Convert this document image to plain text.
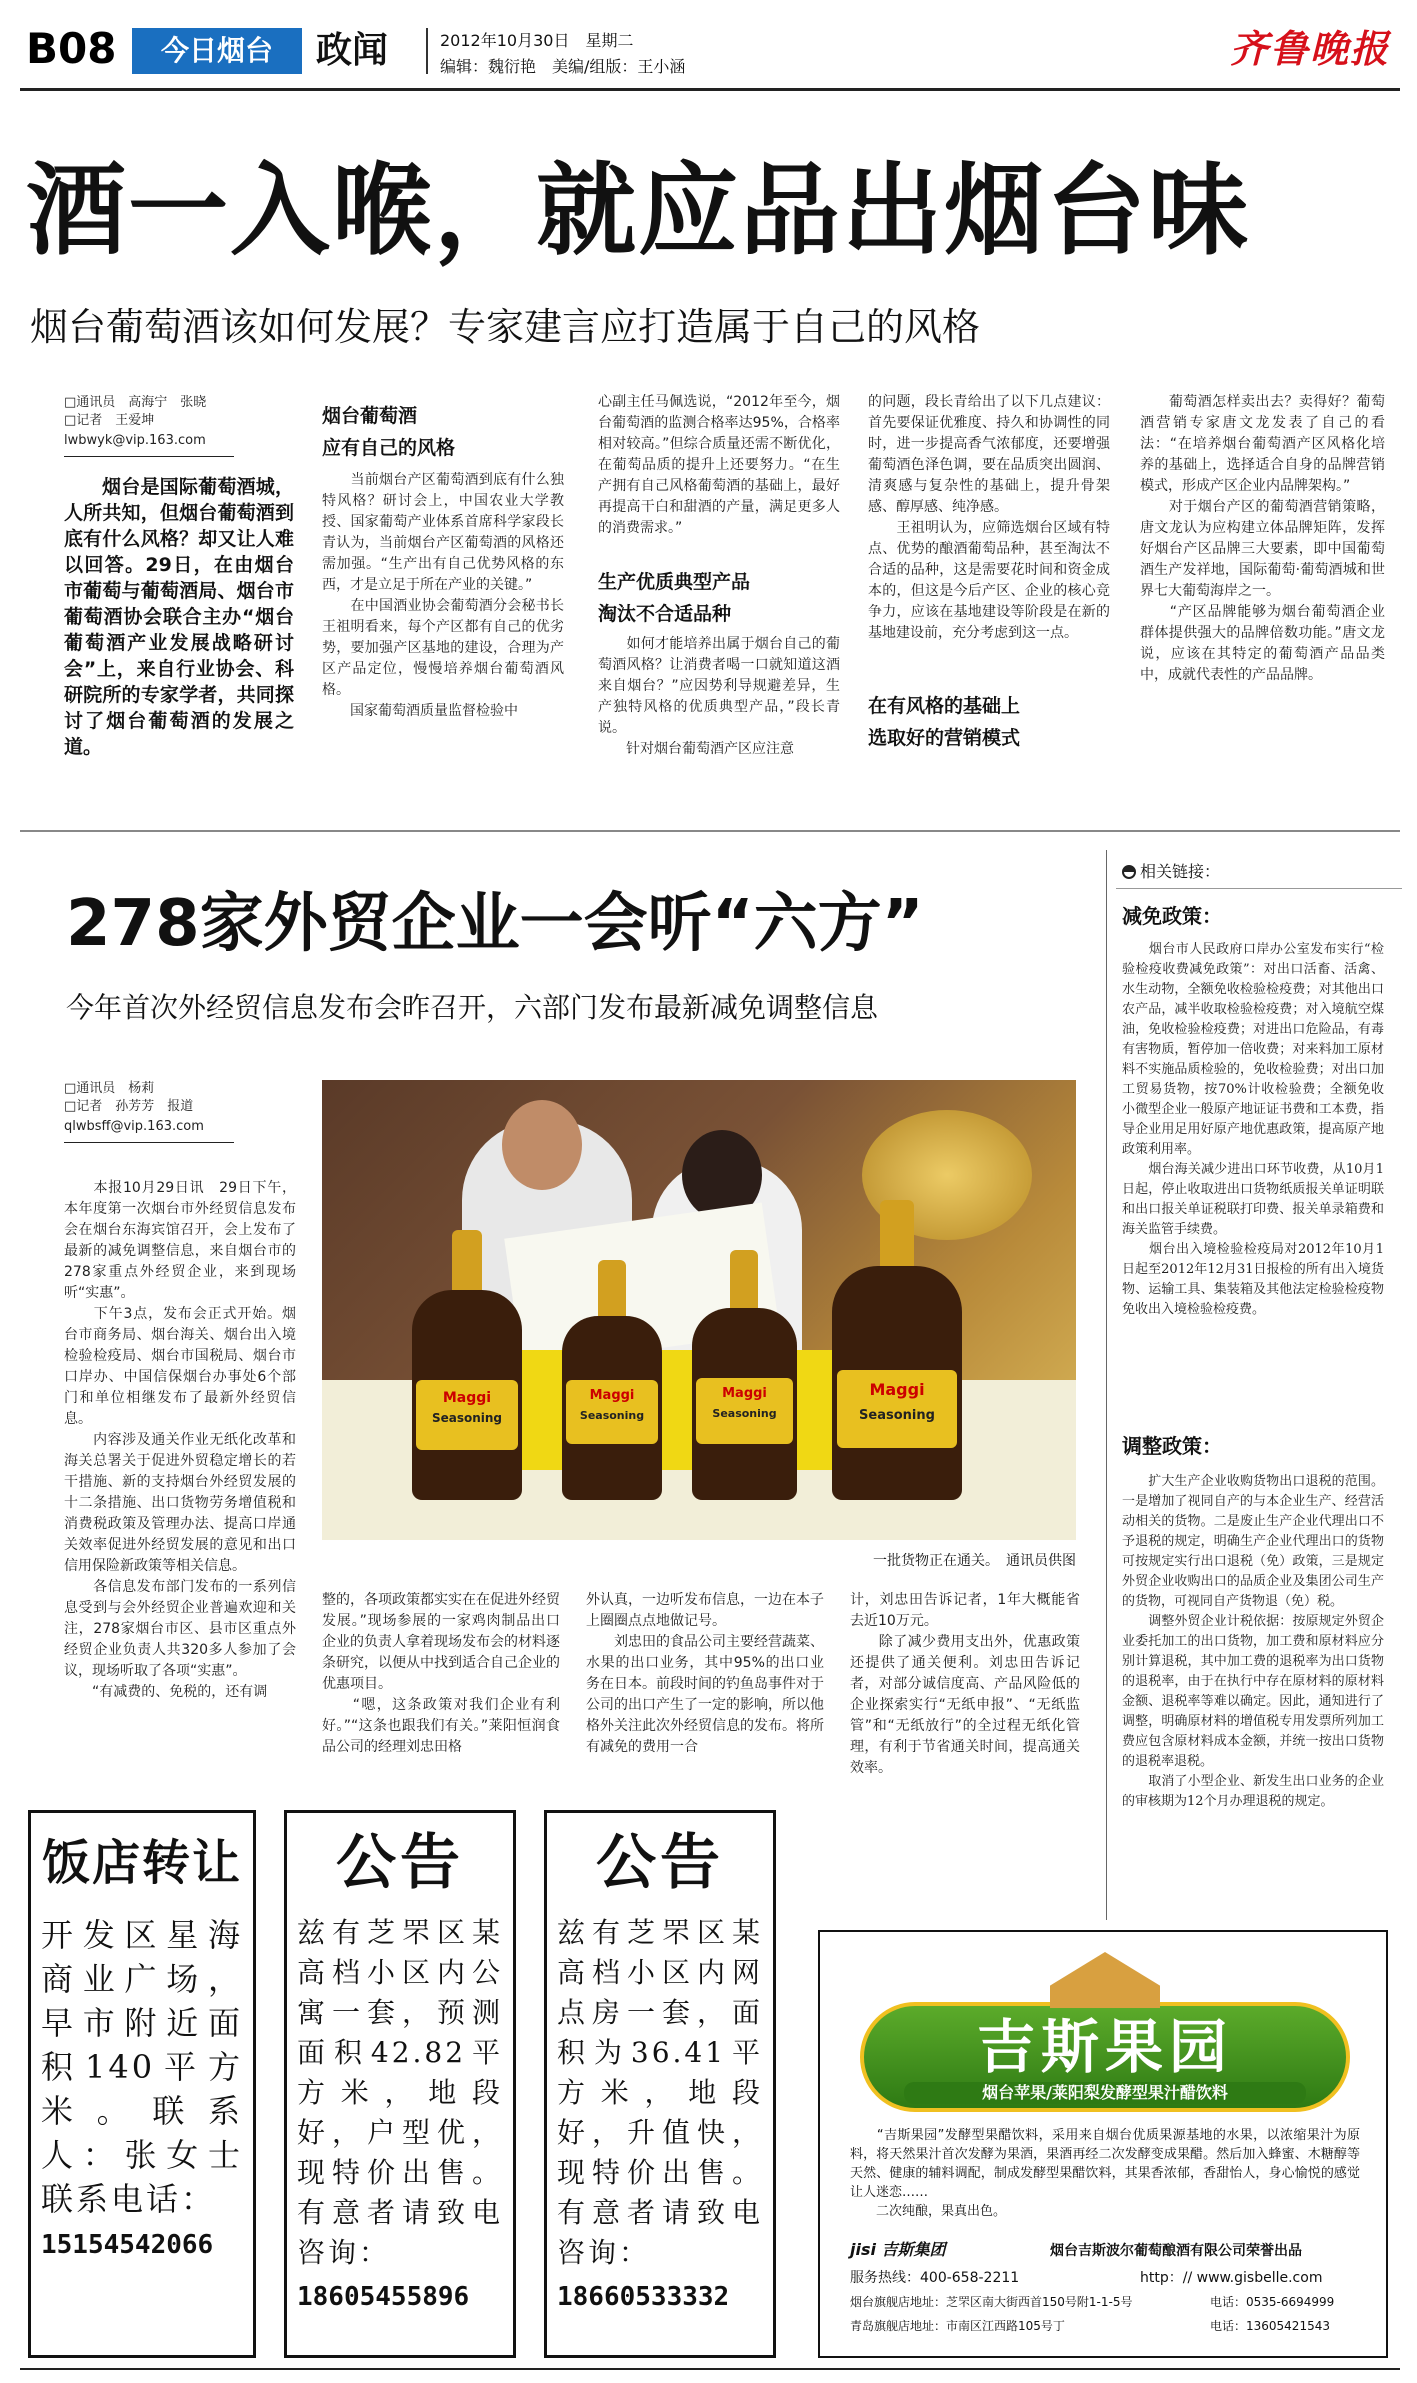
B08	今日烟台	政闻	2012年10月30日　星期二
编辑：魏衍艳　美编/组版：王小涵	齐鲁晚报
酒一入喉，就应品出烟台味
烟台葡萄酒该如何发展？专家建言应打造属于自己的风格
□通讯员　高海宁　张晓
□记者　王爱坤
lwbwyk@vip.163.com
烟台是国际葡萄酒城，人所共知，但烟台葡萄酒到底有什么风格？却又让人难以回答。29日，在由烟台市葡萄与葡萄酒局、烟台市葡萄酒协会联合主办“烟台葡萄酒产业发展战略研讨会”上，来自行业协会、科研院所的专家学者，共同探讨了烟台葡萄酒的发展之道。
烟台葡萄酒
应有自己的风格
　　当前烟台产区葡萄酒到底有什么独特风格？研讨会上，中国农业大学教授、国家葡萄产业体系首席科学家段长青认为，当前烟台产区葡萄酒的风格还需加强。“生产出有自己优势风格的东西，才是立足于所在产业的关键。”
　　在中国酒业协会葡萄酒分会秘书长王祖明看来，每个产区都有自己的优劣势，要加强产区基地的建设，合理为产区产品定位，慢慢培养烟台葡萄酒风格。
　　国家葡萄酒质量监督检验中
心副主任马佩选说，“2012年至今，烟台葡萄酒的监测合格率达95%，合格率相对较高。”但综合质量还需不断优化，在葡萄品质的提升上还要努力。“在生产拥有自己风格葡萄酒的基础上，最好再提高干白和甜酒的产量，满足更多人的消费需求。”
生产优质典型产品
淘汰不合适品种
　　如何才能培养出属于烟台自己的葡萄酒风格？让消费者喝一口就知道这酒来自烟台？”应因势利导规避差异，生产独特风格的优质典型产品，”段长青说。
　　针对烟台葡萄酒产区应注意
的问题，段长青给出了以下几点建议：首先要保证优雅度、持久和协调性的同时，进一步提高香气浓郁度，还要增强葡萄酒色泽色调，要在品质突出圆润、清爽感与复杂性的基础上，提升骨架感、醇厚感、纯净感。
　　王祖明认为，应筛选烟台区域有特点、优势的酿酒葡萄品种，甚至淘汰不合适的品种，这是需要花时间和资金成本的，但这是今后产区、企业的核心竞争力，应该在基地建设等阶段是在新的基地建设前，充分考虑到这一点。
在有风格的基础上
选取好的营销模式
　　葡萄酒怎样卖出去？卖得好？葡萄酒营销专家唐文龙发表了自己的看法：“在培养烟台葡萄酒产区风格化培养的基础上，选择适合自身的品牌营销模式，形成产区企业内品牌架构。”
　　对于烟台产区的葡萄酒营销策略，唐文龙认为应构建立体品牌矩阵，发挥好烟台产区品牌三大要素，即中国葡萄酒生产发祥地，国际葡萄·葡萄酒城和世界七大葡萄海岸之一。
　　“产区品牌能够为烟台葡萄酒企业群体提供强大的品牌倍数功能。”唐文龙说，应该在其特定的葡萄酒产品品类中，成就代表性的产品品牌。
278家外贸企业一会听“六方”
今年首次外经贸信息发布会昨召开，六部门发布最新减免调整信息
□通讯员　杨莉
□记者　孙芳芳　报道
qlwbsff@vip.163.com
Maggi
Seasoning
Maggi
Seasoning
Maggi
Seasoning
Maggi
Seasoning
一批货物正在通关。　通讯员供图
　　本报10月29日讯　29日下午，本年度第一次烟台市外经贸信息发布会在烟台东海宾馆召开，会上发布了最新的减免调整信息，来自烟台市的278家重点外经贸企业，来到现场听“实惠”。
　　下午3点，发布会正式开始。烟台市商务局、烟台海关、烟台出入境检验检疫局、烟台市国税局、烟台市口岸办、中国信保烟台办事处6个部门和单位相继发布了最新外经贸信息。
　　内容涉及通关作业无纸化改革和海关总署关于促进外贸稳定增长的若干措施、新的支持烟台外经贸发展的十二条措施、出口货物劳务增值税和消费税政策及管理办法、提高口岸通关效率促进外经贸发展的意见和出口信用保险新政策等相关信息。
　　各信息发布部门发布的一系列信息受到与会外经贸企业普遍欢迎和关注，278家烟台市区、县市区重点外经贸企业负责人共320多人参加了会议，现场听取了各项“实惠”。
　　“有减费的、免税的，还有调
整的，各项政策都实实在在促进外经贸发展。”现场参展的一家鸡肉制品出口企业的负责人拿着现场发布会的材料逐条研究，以便从中找到适合自己企业的优惠项目。
　　“嗯，这条政策对我们企业有利好。”“这条也跟我们有关。”莱阳恒润食品公司的经理刘忠田格
外认真，一边听发布信息，一边在本子上圈圈点点地做记号。
　　刘忠田的食品公司主要经营蔬菜、水果的出口业务，其中95%的出口业务在日本。前段时间的钓鱼岛事件对于公司的出口产生了一定的影响，所以他格外关注此次外经贸信息的发布。将所有减免的费用一合
计，刘忠田告诉记者，1年大概能省去近10万元。
　　除了减少费用支出外，优惠政策还提供了通关便利。刘忠田告诉记者，对部分诚信度高、产品风险低的企业探索实行“无纸申报”、“无纸监管”和“无纸放行”的全过程无纸化管理，有利于节省通关时间，提高通关效率。
相关链接：
减免政策：
　　烟台市人民政府口岸办公室发布实行“检验检疫收费减免政策”：对出口活畜、活禽、水生动物，全额免收检验检疫费；对其他出口农产品，减半收取检验检疫费；对入境航空煤油，免收检验检疫费；对进出口危险品，有毒有害物质，暂停加一倍收费；对来料加工原材料不实施品质检验的，免收检验费；对出口加工贸易货物，按70%计收检验费；全额免收小微型企业一般原产地证证书费和工本费，指导企业用足用好原产地优惠政策，提高原产地政策利用率。
　　烟台海关减少进出口环节收费，从10月1日起，停止收取进出口货物纸质报关单证明联和出口报关单证税联打印费、报关单录箱费和海关监管手续费。
　　烟台出入境检验检疫局对2012年10月1日起至2012年12月31日报检的所有出入境货物、运输工具、集装箱及其他法定检验检疫物免收出入境检验检疫费。
调整政策：
　　扩大生产企业收购货物出口退税的范围。一是增加了视同自产的与本企业生产、经营活动相关的货物。二是废止生产企业代理出口不予退税的规定，明确生产企业代理出口的货物可按规定实行出口退税（免）政策，三是规定外贸企业收购出口的品质企业及集团公司生产的货物，可视同自产货物退（免）税。
　　调整外贸企业计税依据：按原规定外贸企业委托加工的出口货物，加工费和原材料应分别计算退税，其中加工费的退税率为出口货物的退税率，由于在执行中存在原材料的原材料金额、退税率等难以确定。因此，通知进行了调整，明确原材料的增值税专用发票所列加工费应包含原材料成本金额，并统一按出口货物的退税率退税。
　　取消了小型企业、新发生出口业务的企业的审核期为12个月办理退税的规定。
饭店转让
开发区星海商业广场，早市附近面积140平方米。联系人：张女士　联系电话：
15154542066
公告
兹有芝罘区某高档小区内公寓一套，预测面积42.82平方米，地段好，户型优，现特价出售。有意者请致电咨询：
18605455896
公告
兹有芝罘区某高档小区内网点房一套，面积为36.41平方米，地段好，升值快，现特价出售。有意者请致电咨询：
18660533332
吉斯果园
烟台苹果/莱阳梨发酵型果汁醋饮料
　　“吉斯果园”发酵型果醋饮料，采用来自烟台优质果源基地的水果，以浓缩果汁为原料，将天然果汁首次发酵为果酒，果酒再经二次发酵变成果醋。然后加入蜂蜜、木糖醇等天然、健康的辅料调配，制成发酵型果醋饮料，其果香浓郁，香甜怡人，身心愉悦的感觉让人迷恋……
　　二次纯酿，果真出色。
jisi 吉斯集团	烟台吉斯波尔葡萄酿酒有限公司荣誉出品
服务热线：400-658-2211	http：// www.gisbelle.com
烟台旗舰店地址：芝罘区南大街西首150号附1-1-5号	电话：0535-6694999
青岛旗舰店地址：市南区江西路105号丁	电话：13605421543
